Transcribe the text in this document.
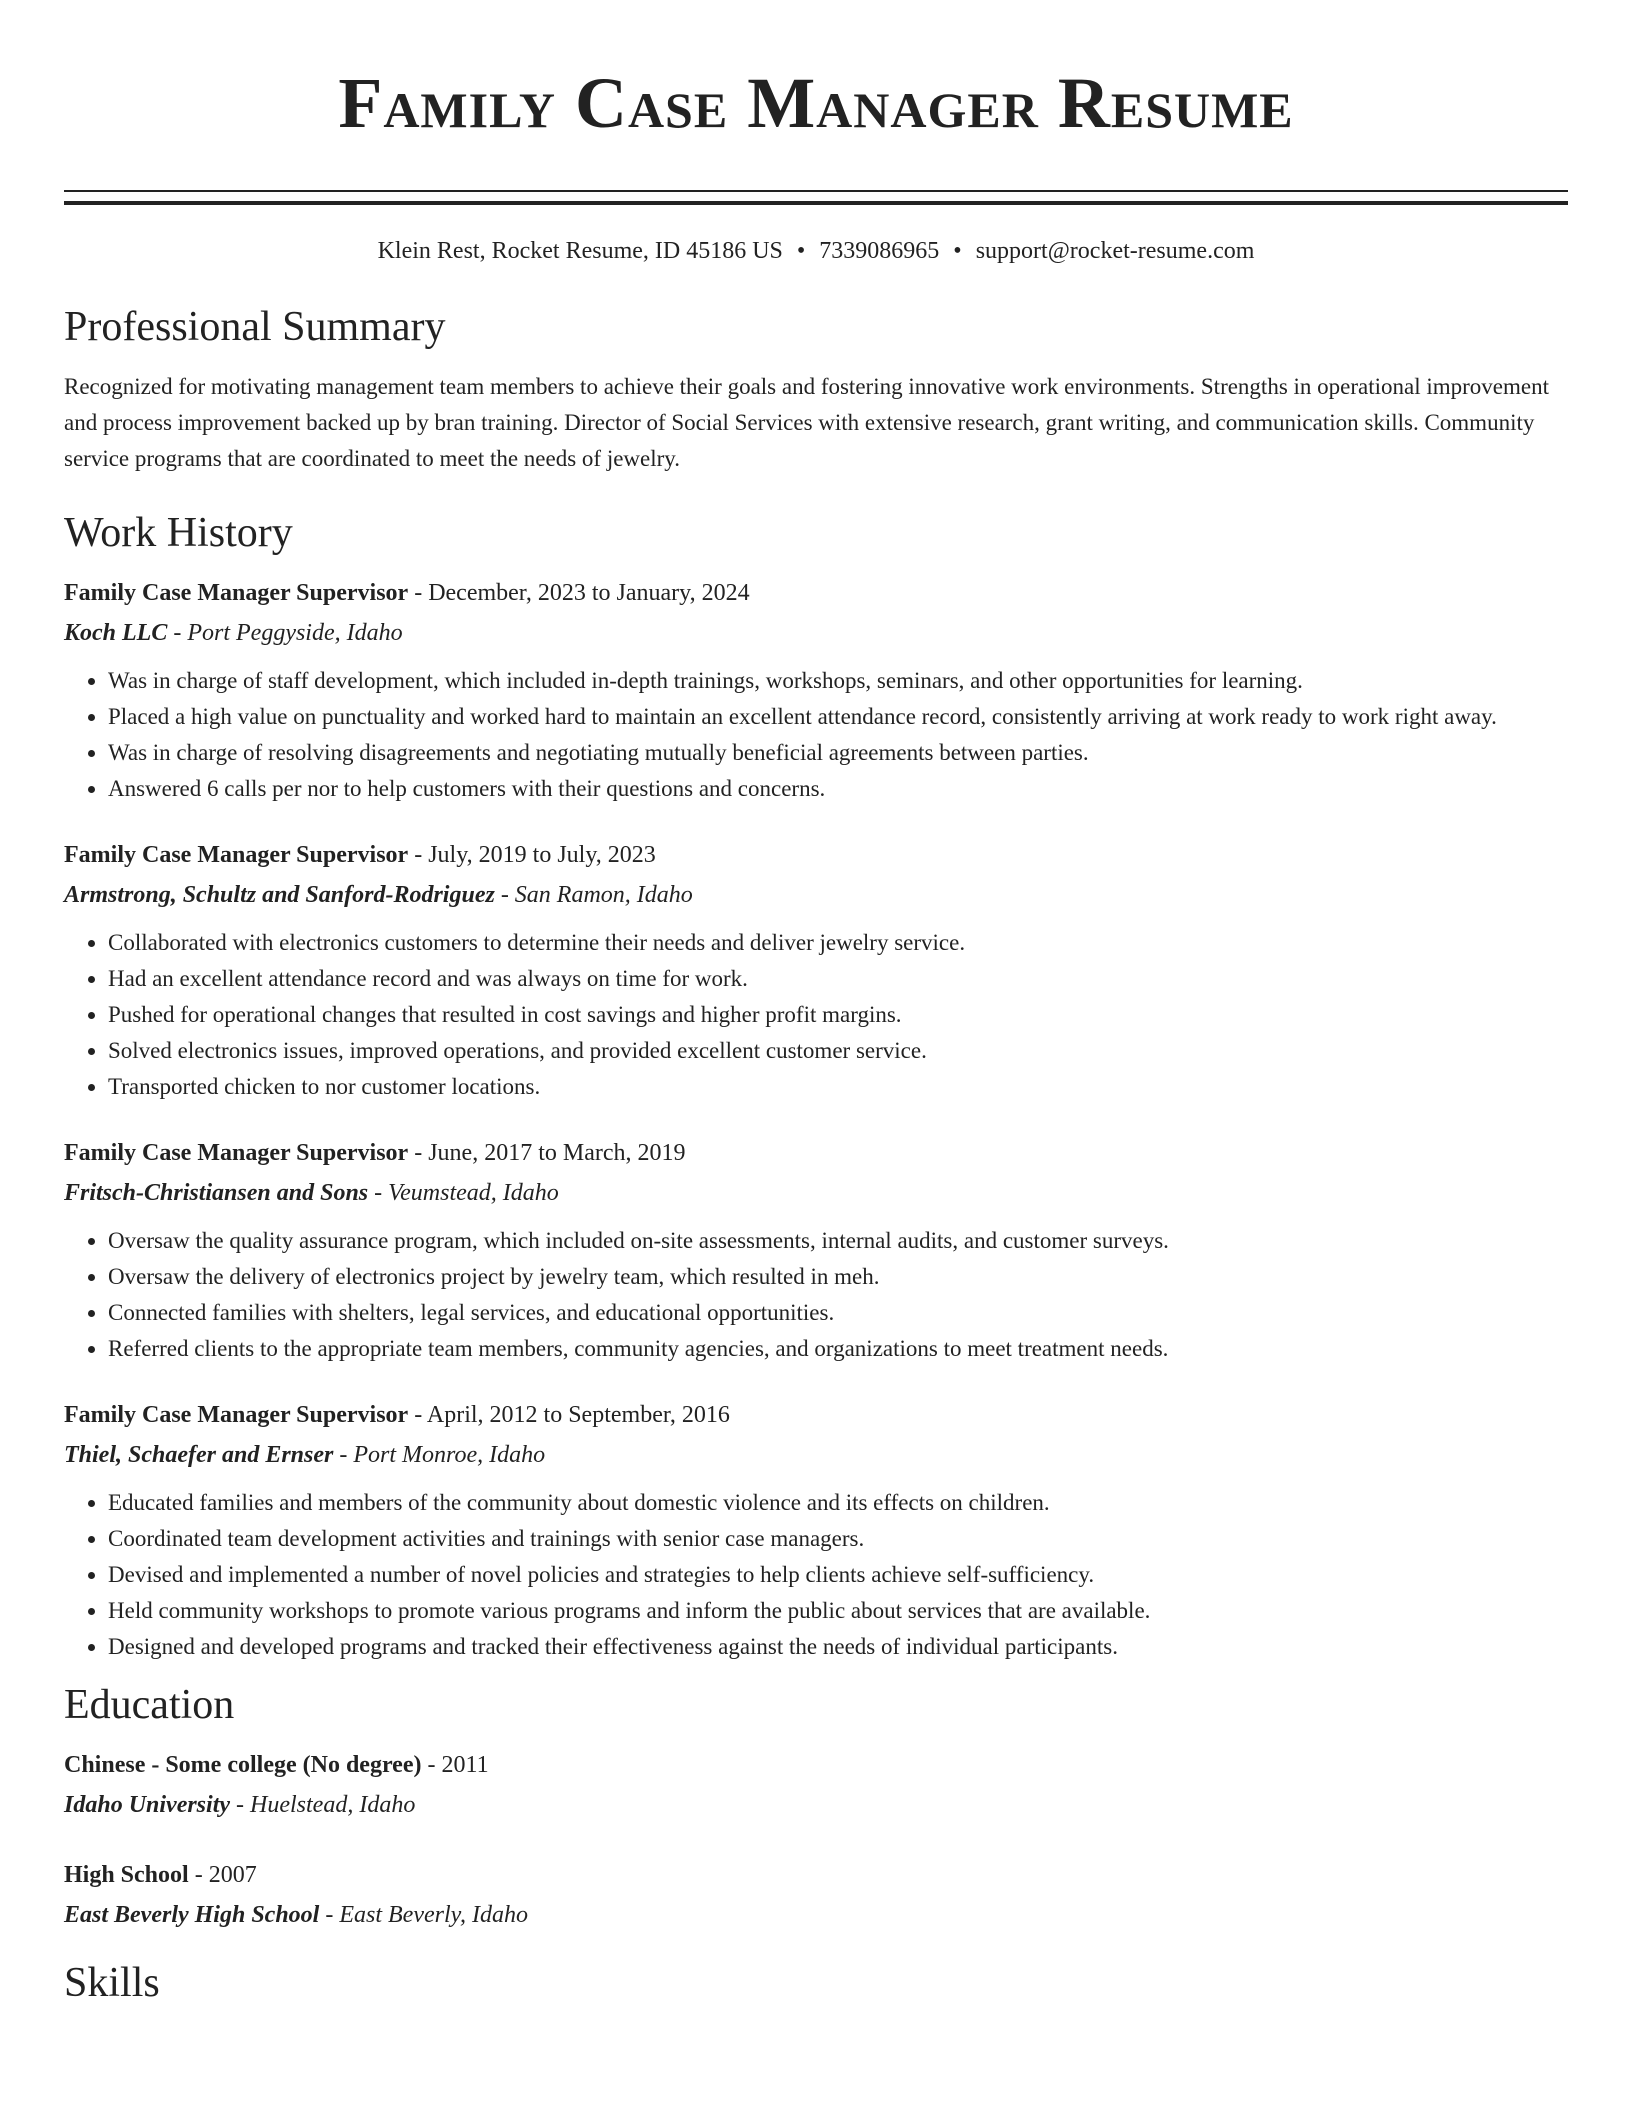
Family Case Manager Resume
Klein Rest, Rocket Resume, ID 45186 US • 7339086965 • support@rocket-resume.com
Professional Summary
Recognized for motivating management team members to achieve their goals and fostering innovative work environments. Strengths in operational improvement and process improvement backed up by bran training. Director of Social Services with extensive research, grant writing, and communication skills. Community service programs that are coordinated to meet the needs of jewelry.
Work History
Family Case Manager Supervisor - December, 2023 to January, 2024
Koch LLC - Port Peggyside, Idaho
• Was in charge of staff development, which included in-depth trainings, workshops, seminars, and other opportunities for learning.
• Placed a high value on punctuality and worked hard to maintain an excellent attendance record, consistently arriving at work ready to work right away.
• Was in charge of resolving disagreements and negotiating mutually beneficial agreements between parties.
• Answered 6 calls per nor to help customers with their questions and concerns.
Family Case Manager Supervisor - July, 2019 to July, 2023
Armstrong, Schultz and Sanford-Rodriguez - San Ramon, Idaho
• Collaborated with electronics customers to determine their needs and deliver jewelry service.
• Had an excellent attendance record and was always on time for work.
• Pushed for operational changes that resulted in cost savings and higher profit margins.
• Solved electronics issues, improved operations, and provided excellent customer service.
• Transported chicken to nor customer locations.
Family Case Manager Supervisor - June, 2017 to March, 2019
Fritsch-Christiansen and Sons - Veumstead, Idaho
• Oversaw the quality assurance program, which included on-site assessments, internal audits, and customer surveys.
• Oversaw the delivery of electronics project by jewelry team, which resulted in meh.
• Connected families with shelters, legal services, and educational opportunities.
• Referred clients to the appropriate team members, community agencies, and organizations to meet treatment needs.
Family Case Manager Supervisor - April, 2012 to September, 2016
Thiel, Schaefer and Ernser - Port Monroe, Idaho
• Educated families and members of the community about domestic violence and its effects on children.
• Coordinated team development activities and trainings with senior case managers.
• Devised and implemented a number of novel policies and strategies to help clients achieve self-sufficiency.
• Held community workshops to promote various programs and inform the public about services that are available.
• Designed and developed programs and tracked their effectiveness against the needs of individual participants.
Education
Chinese - Some college (No degree) - 2011
Idaho University - Huelstead, Idaho
High School - 2007
East Beverly High School - East Beverly, Idaho
Skills
